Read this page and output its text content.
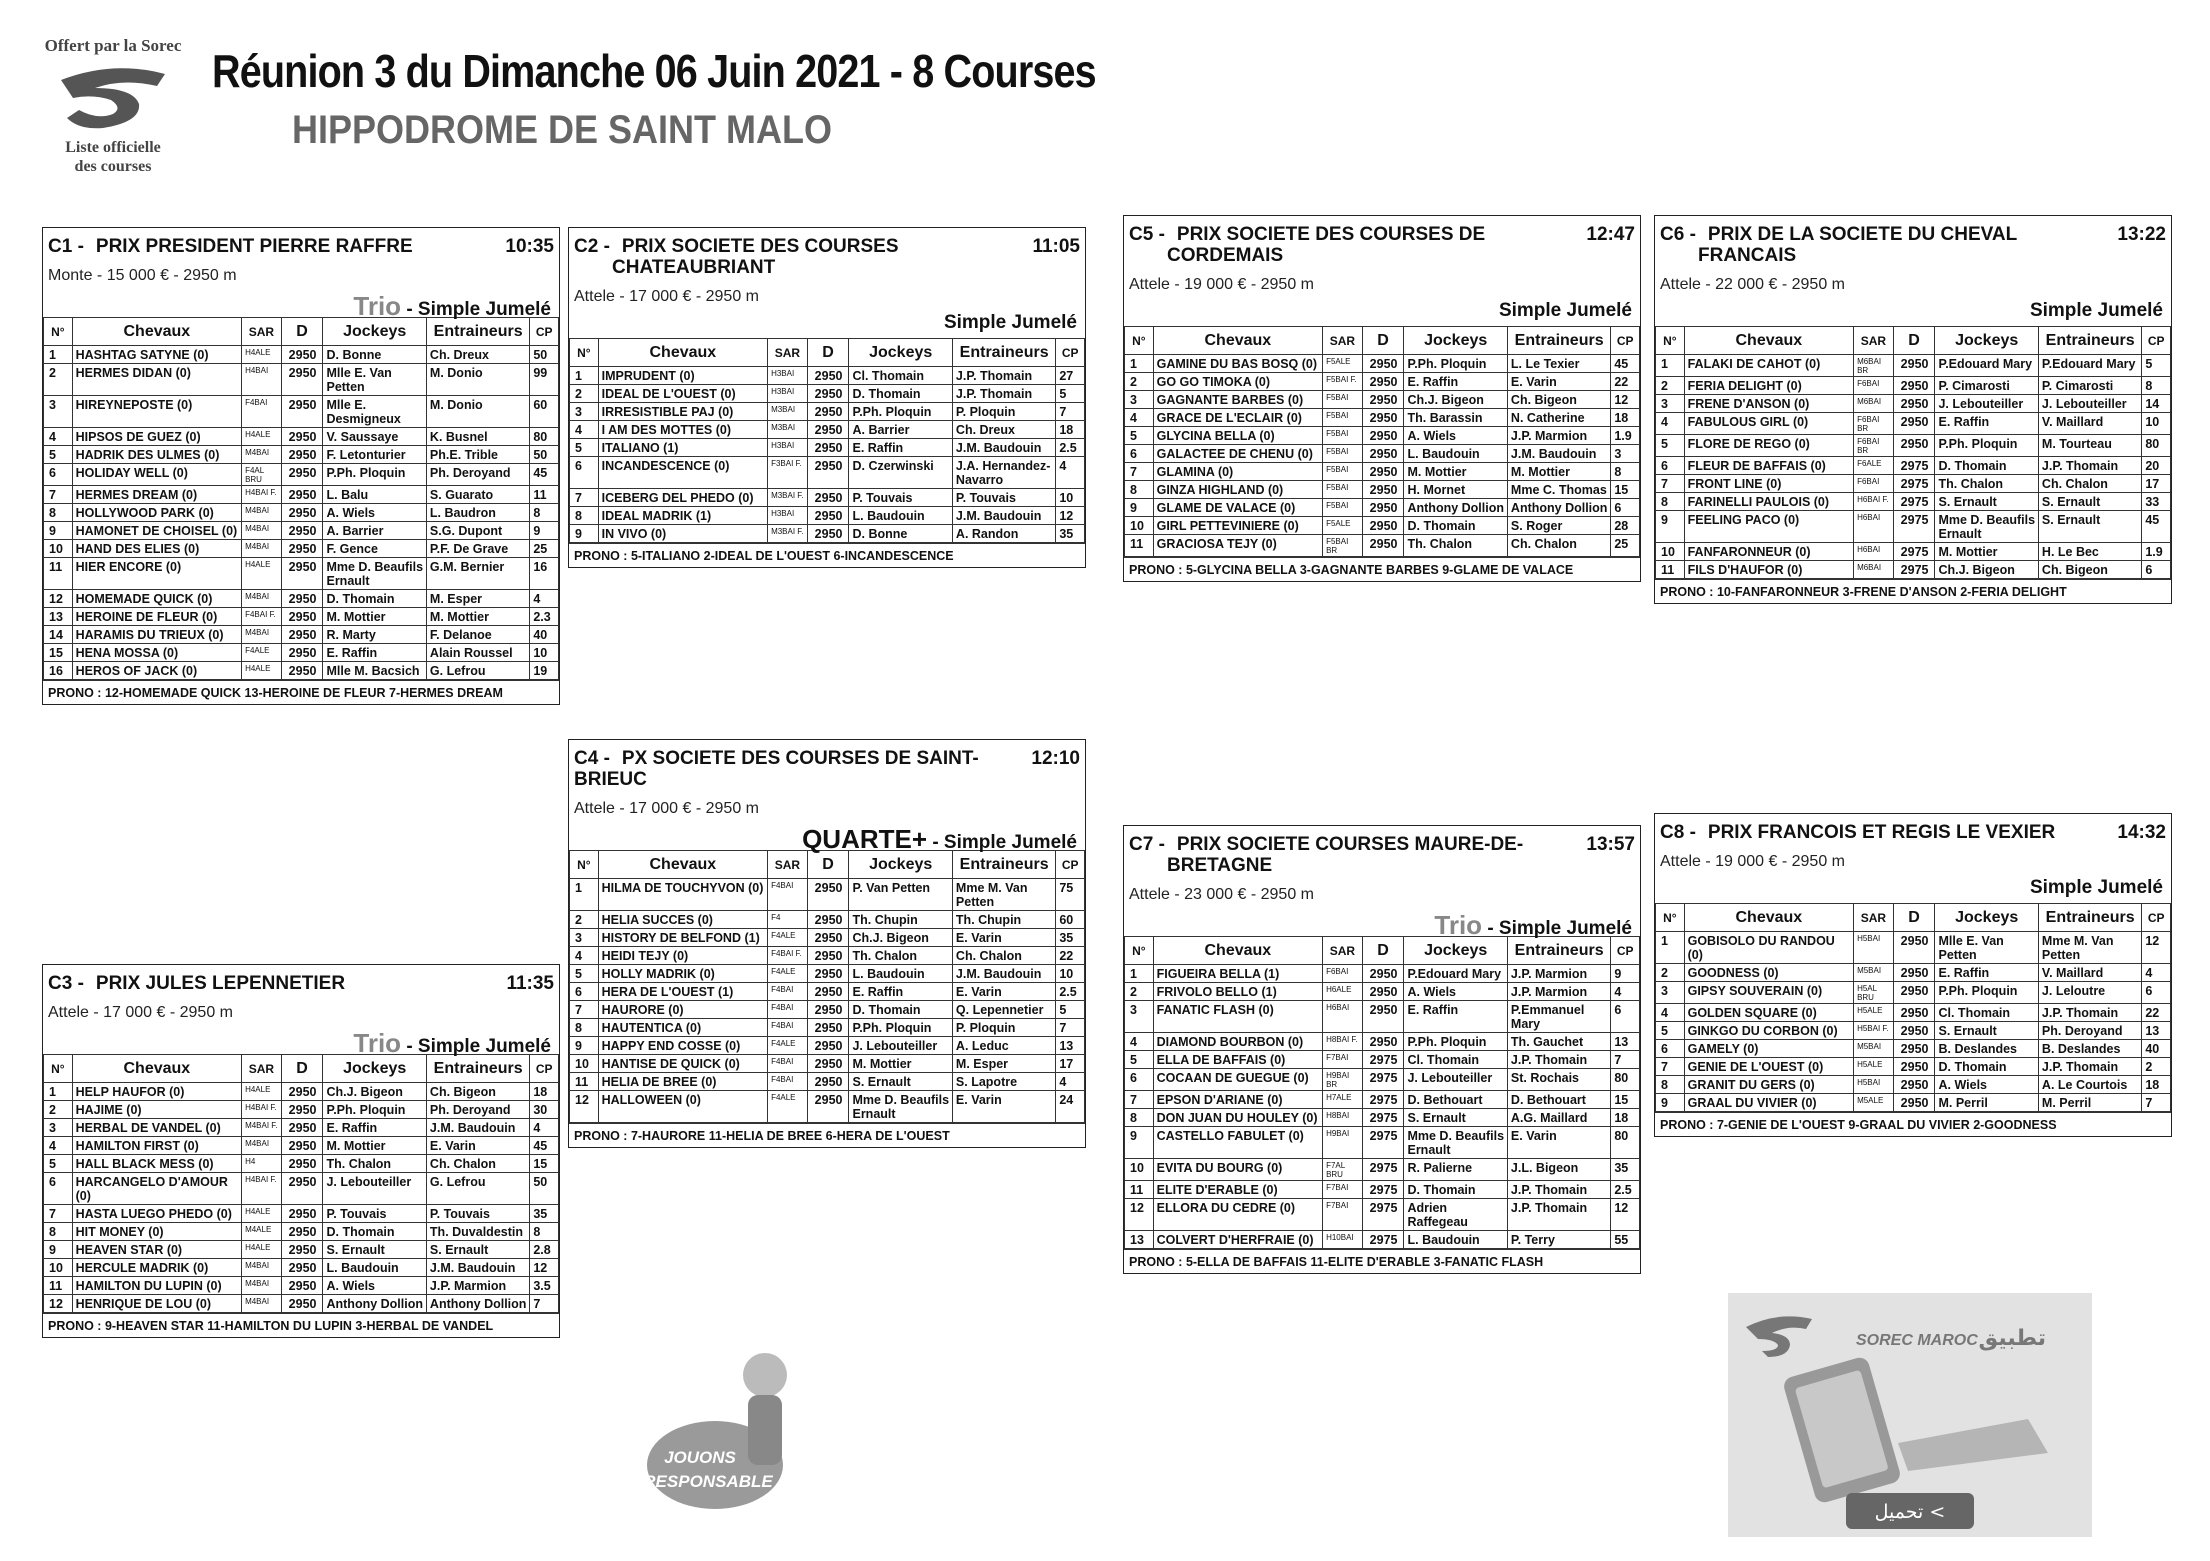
Offert par la Sorec
Liste officielle
des courses
Réunion 3 du Dimanche 06 Juin 2021 - 8 Courses
HIPPODROME DE SAINT MALO
C1 - PRIX PRESIDENT PIERRE RAFFRE	10:35
Monte - 15 000 € - 2950 m
Trio - Simple Jumelé
N°	Chevaux	SAR	D	Jockeys	Entraineurs	CP
1	HASHTAG SATYNE (0)	H4ALE	2950	D. Bonne	Ch. Dreux	50
2	HERMES DIDAN (0)	H4BAI	2950	Mlle E. Van Petten	M. Donio	99
3	HIREYNEPOSTE (0)	F4BAI	2950	Mlle E. Desmigneux	M. Donio	60
4	HIPSOS DE GUEZ (0)	H4ALE	2950	V. Saussaye	K. Busnel	80
5	HADRIK DES ULMES (0)	M4BAI	2950	F. Letonturier	Ph.E. Trible	50
6	HOLIDAY WELL (0)	F4AL BRU	2950	P.Ph. Ploquin	Ph. Deroyand	45
7	HERMES DREAM (0)	H4BAI F.	2950	L. Balu	S. Guarato	11
8	HOLLYWOOD PARK (0)	M4BAI	2950	A. Wiels	L. Baudron	8
9	HAMONET DE CHOISEL (0)	M4BAI	2950	A. Barrier	S.G. Dupont	9
10	HAND DES ELIES (0)	M4BAI	2950	F. Gence	P.F. De Grave	25
11	HIER ENCORE (0)	H4ALE	2950	Mme D. Beaufils Ernault	G.M. Bernier	16
12	HOMEMADE QUICK (0)	M4BAI	2950	D. Thomain	M. Esper	4
13	HEROINE DE FLEUR (0)	F4BAI F.	2950	M. Mottier	M. Mottier	2.3
14	HARAMIS DU TRIEUX (0)	M4BAI	2950	R. Marty	F. Delanoe	40
15	HENA MOSSA (0)	F4ALE	2950	E. Raffin	Alain Roussel	10
16	HEROS OF JACK (0)	H4ALE	2950	Mlle M. Bacsich	G. Lefrou	19
PRONO : 12-HOMEMADE QUICK 13-HEROINE DE FLEUR 7-HERMES DREAM
C3 - PRIX JULES LEPENNETIER	11:35
Attele - 17 000 € - 2950 m
Trio - Simple Jumelé
N°	Chevaux	SAR	D	Jockeys	Entraineurs	CP
1	HELP HAUFOR (0)	H4ALE	2950	Ch.J. Bigeon	Ch. Bigeon	18
2	HAJIME (0)	H4BAI F.	2950	P.Ph. Ploquin	Ph. Deroyand	30
3	HERBAL DE VANDEL (0)	M4BAI F.	2950	E. Raffin	J.M. Baudouin	4
4	HAMILTON FIRST (0)	M4BAI	2950	M. Mottier	E. Varin	45
5	HALL BLACK MESS (0)	H4	2950	Th. Chalon	Ch. Chalon	15
6	HARCANGELO D'AMOUR (0)	H4BAI F.	2950	J. Lebouteiller	G. Lefrou	50
7	HASTA LUEGO PHEDO (0)	H4ALE	2950	P. Touvais	P. Touvais	35
8	HIT MONEY (0)	M4ALE	2950	D. Thomain	Th. Duvaldestin	8
9	HEAVEN STAR (0)	H4ALE	2950	S. Ernault	S. Ernault	2.8
10	HERCULE MADRIK (0)	M4BAI	2950	L. Baudouin	J.M. Baudouin	12
11	HAMILTON DU LUPIN (0)	M4BAI	2950	A. Wiels	J.P. Marmion	3.5
12	HENRIQUE DE LOU (0)	M4BAI	2950	Anthony Dollion	Anthony Dollion	7
PRONO : 9-HEAVEN STAR 11-HAMILTON DU LUPIN 3-HERBAL DE VANDEL
C2 - PRIX SOCIETE DES COURSES
CHATEAUBRIANT
11:05
Attele - 17 000 € - 2950 m
Simple Jumelé
N°	Chevaux	SAR	D	Jockeys	Entraineurs	CP
1	IMPRUDENT (0)	H3BAI	2950	Cl. Thomain	J.P. Thomain	27
2	IDEAL DE L'OUEST (0)	H3BAI	2950	D. Thomain	J.P. Thomain	5
3	IRRESISTIBLE PAJ (0)	M3BAI	2950	P.Ph. Ploquin	P. Ploquin	7
4	I AM DES MOTTES (0)	M3BAI	2950	A. Barrier	Ch. Dreux	18
5	ITALIANO (1)	H3BAI	2950	E. Raffin	J.M. Baudouin	2.5
6	INCANDESCENCE (0)	F3BAI F.	2950	D. Czerwinski	J.A. Hernandez-Navarro	4
7	ICEBERG DEL PHEDO (0)	M3BAI F.	2950	P. Touvais	P. Touvais	10
8	IDEAL MADRIK (1)	H3BAI	2950	L. Baudouin	J.M. Baudouin	12
9	IN VIVO (0)	M3BAI F.	2950	D. Bonne	A. Randon	35
PRONO : 5-ITALIANO 2-IDEAL DE L'OUEST 6-INCANDESCENCE
C4 - PX SOCIETE DES COURSES DE SAINT-BRIEUC
12:10
Attele - 17 000 € - 2950 m
QUARTE+ - Simple Jumelé
N°	Chevaux	SAR	D	Jockeys	Entraineurs	CP
1	HILMA DE TOUCHYVON (0)	F4BAI	2950	P. Van Petten	Mme M. Van Petten	75
2	HELIA SUCCES (0)	F4	2950	Th. Chupin	Th. Chupin	60
3	HISTORY DE BELFOND (1)	F4ALE	2950	Ch.J. Bigeon	E. Varin	35
4	HEIDI TEJY (0)	F4BAI F.	2950	Th. Chalon	Ch. Chalon	22
5	HOLLY MADRIK (0)	F4ALE	2950	L. Baudouin	J.M. Baudouin	10
6	HERA DE L'OUEST (1)	F4BAI	2950	E. Raffin	E. Varin	2.5
7	HAURORE (0)	F4BAI	2950	D. Thomain	Q. Lepennetier	5
8	HAUTENTICA (0)	F4BAI	2950	P.Ph. Ploquin	P. Ploquin	7
9	HAPPY END COSSE (0)	F4ALE	2950	J. Lebouteiller	A. Leduc	13
10	HANTISE DE QUICK (0)	F4BAI	2950	M. Mottier	M. Esper	17
11	HELIA DE BREE (0)	F4BAI	2950	S. Ernault	S. Lapotre	4
12	HALLOWEEN (0)	F4ALE	2950	Mme D. Beaufils Ernault	E. Varin	24
PRONO : 7-HAURORE 11-HELIA DE BREE 6-HERA DE L'OUEST
C5 - PRIX SOCIETE DES COURSES DE
CORDEMAIS
12:47
Attele - 19 000 € - 2950 m
Simple Jumelé
N°	Chevaux	SAR	D	Jockeys	Entraineurs	CP
1	GAMINE DU BAS BOSQ (0)	F5ALE	2950	P.Ph. Ploquin	L. Le Texier	45
2	GO GO TIMOKA (0)	F5BAI F.	2950	E. Raffin	E. Varin	22
3	GAGNANTE BARBES (0)	F5BAI	2950	Ch.J. Bigeon	Ch. Bigeon	12
4	GRACE DE L'ECLAIR (0)	F5BAI	2950	Th. Barassin	N. Catherine	18
5	GLYCINA BELLA (0)	F5BAI	2950	A. Wiels	J.P. Marmion	1.9
6	GALACTEE DE CHENU (0)	F5BAI	2950	L. Baudouin	J.M. Baudouin	3
7	GLAMINA (0)	F5BAI	2950	M. Mottier	M. Mottier	8
8	GINZA HIGHLAND (0)	F5BAI	2950	H. Mornet	Mme C. Thomas	15
9	GLAME DE VALACE (0)	F5BAI	2950	Anthony Dollion	Anthony Dollion	6
10	GIRL PETTEVINIERE (0)	F5ALE	2950	D. Thomain	S. Roger	28
11	GRACIOSA TEJY (0)	F5BAI BR	2950	Th. Chalon	Ch. Chalon	25
PRONO : 5-GLYCINA BELLA 3-GAGNANTE BARBES 9-GLAME DE VALACE
C7 - PRIX SOCIETE COURSES MAURE-DE-
BRETAGNE
13:57
Attele - 23 000 € - 2950 m
Trio - Simple Jumelé
N°	Chevaux	SAR	D	Jockeys	Entraineurs	CP
1	FIGUEIRA BELLA (1)	F6BAI	2950	P.Edouard Mary	J.P. Marmion	9
2	FRIVOLO BELLO (1)	H6ALE	2950	A. Wiels	J.P. Marmion	4
3	FANATIC FLASH (0)	H6BAI	2950	E. Raffin	P.Emmanuel Mary	6
4	DIAMOND BOURBON (0)	H8BAI F.	2950	P.Ph. Ploquin	Th. Gauchet	13
5	ELLA DE BAFFAIS (0)	F7BAI	2975	Cl. Thomain	J.P. Thomain	7
6	COCAAN DE GUEGUE (0)	H9BAI BR	2975	J. Lebouteiller	St. Rochais	80
7	EPSON D'ARIANE (0)	H7ALE	2975	D. Bethouart	D. Bethouart	15
8	DON JUAN DU HOULEY (0)	H8BAI	2975	S. Ernault	A.G. Maillard	18
9	CASTELLO FABULET (0)	H9BAI	2975	Mme D. Beaufils Ernault	E. Varin	80
10	EVITA DU BOURG (0)	F7AL BRU	2975	R. Palierne	J.L. Bigeon	35
11	ELITE D'ERABLE (0)	F7BAI	2975	D. Thomain	J.P. Thomain	2.5
12	ELLORA DU CEDRE (0)	F7BAI	2975	Adrien Raffegeau	J.P. Thomain	12
13	COLVERT D'HERFRAIE (0)	H10BAI	2975	L. Baudouin	P. Terry	55
PRONO : 5-ELLA DE BAFFAIS 11-ELITE D'ERABLE 3-FANATIC FLASH
C6 - PRIX DE LA SOCIETE DU CHEVAL
FRANCAIS
13:22
Attele - 22 000 € - 2950 m
Simple Jumelé
N°	Chevaux	SAR	D	Jockeys	Entraineurs	CP
1	FALAKI DE CAHOT (0)	M6BAI BR	2950	P.Edouard Mary	P.Edouard Mary	5
2	FERIA DELIGHT (0)	F6BAI	2950	P. Cimarosti	P. Cimarosti	8
3	FRENE D'ANSON (0)	M6BAI	2950	J. Lebouteiller	J. Lebouteiller	14
4	FABULOUS GIRL (0)	F6BAI BR	2950	E. Raffin	V. Maillard	10
5	FLORE DE REGO (0)	F6BAI BR	2950	P.Ph. Ploquin	M. Tourteau	80
6	FLEUR DE BAFFAIS (0)	F6ALE	2975	D. Thomain	J.P. Thomain	20
7	FRONT LINE (0)	F6BAI	2975	Th. Chalon	Ch. Chalon	17
8	FARINELLI PAULOIS (0)	H6BAI F.	2975	S. Ernault	S. Ernault	33
9	FEELING PACO (0)	H6BAI	2975	Mme D. Beaufils Ernault	S. Ernault	45
10	FANFARONNEUR (0)	H6BAI	2975	M. Mottier	H. Le Bec	1.9
11	FILS D'HAUFOR (0)	M6BAI	2975	Ch.J. Bigeon	Ch. Bigeon	6
PRONO : 10-FANFARONNEUR 3-FRENE D'ANSON 2-FERIA DELIGHT
C8 - PRIX FRANCOIS ET REGIS LE VEXIER	14:32
Attele - 19 000 € - 2950 m
Simple Jumelé
N°	Chevaux	SAR	D	Jockeys	Entraineurs	CP
1	GOBISOLO DU RANDOU (0)	H5BAI	2950	Mlle E. Van Petten	Mme M. Van Petten	12
2	GOODNESS (0)	M5BAI	2950	E. Raffin	V. Maillard	4
3	GIPSY SOUVERAIN (0)	H5AL BRU	2950	P.Ph. Ploquin	J. Leloutre	6
4	GOLDEN SQUARE (0)	H5ALE	2950	Cl. Thomain	J.P. Thomain	22
5	GINKGO DU CORBON (0)	H5BAI F.	2950	S. Ernault	Ph. Deroyand	13
6	GAMELY (0)	M5BAI	2950	B. Deslandes	B. Deslandes	40
7	GENIE DE L'OUEST (0)	H5ALE	2950	D. Thomain	J.P. Thomain	2
8	GRANIT DU GERS (0)	H5BAI	2950	A. Wiels	A. Le Courtois	18
9	GRAAL DU VIVIER (0)	M5ALE	2950	M. Perril	M. Perril	7
PRONO : 7-GENIE DE L'OUEST 9-GRAAL DU VIVIER 2-GOODNESS
JOUONS
RESPONSABLE
SOREC MAROC تطبيق
تحميل <
